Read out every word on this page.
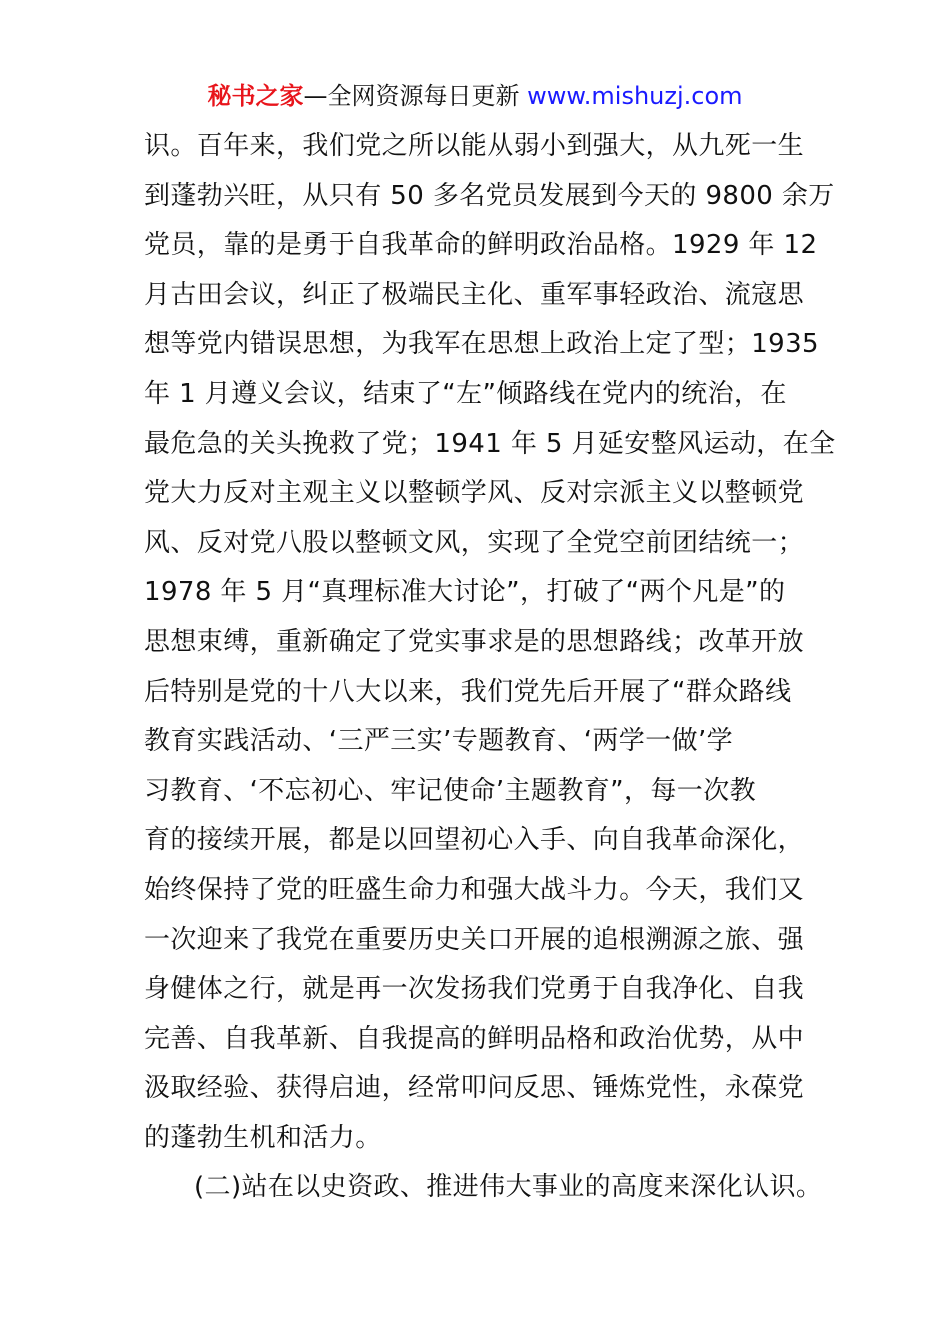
秘书之家—全网资源每日更新 www.mishuzj.com
识。百年来，我们党之所以能从弱小到强大，从九死一生
到蓬勃兴旺，从只有 50 多名党员发展到今天的 9800 余万
党员，靠的是勇于自我革命的鲜明政治品格。1929 年 12
月古田会议，纠正了极端民主化、重军事轻政治、流寇思
想等党内错误思想，为我军在思想上政治上定了型；1935
年 1 月遵义会议，结束了“左”倾路线在党内的统治，在
最危急的关头挽救了党；1941 年 5 月延安整风运动，在全
党大力反对主观主义以整顿学风、反对宗派主义以整顿党
风、反对党八股以整顿文风，实现了全党空前团结统一；
1978 年 5 月“真理标准大讨论”，打破了“两个凡是”的
思想束缚，重新确定了党实事求是的思想路线；改革开放
后特别是党的十八大以来，我们党先后开展了“群众路线
教育实践活动、‘三严三实’专题教育、‘两学一做’学
习教育、‘不忘初心、牢记使命’主题教育”，每一次教
育的接续开展，都是以回望初心入手、向自我革命深化，
始终保持了党的旺盛生命力和强大战斗力。今天，我们又
一次迎来了我党在重要历史关口开展的追根溯源之旅、强
身健体之行，就是再一次发扬我们党勇于自我净化、自我
完善、自我革新、自我提高的鲜明品格和政治优势，从中
汲取经验、获得启迪，经常叩问反思、锤炼党性，永葆党
的蓬勃生机和活力。
(二)站在以史资政、推进伟大事业的高度来深化认识。
